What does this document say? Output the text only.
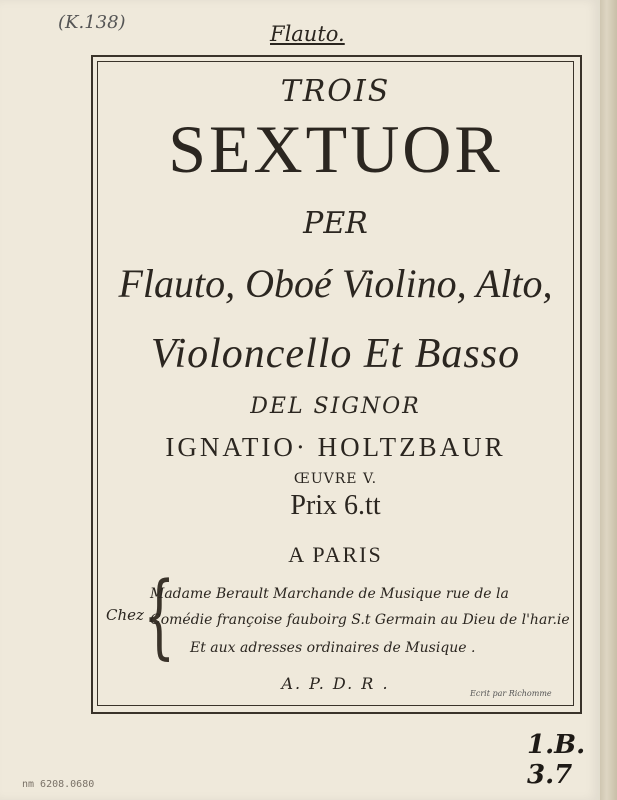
(K.138)	Flauto.
TROIS
SEXTUOR
PER
Flauto, Oboé Violino, Alto,
Violoncello Et Basso
DEL SIGNOR
IGNATIO· HOLTZBAUR
ŒUVRE V.
Prix 6.tt
A PARIS
Chez {
Madame Berault Marchande de Musique rue de la
Comédie françoise fauboirg S.t Germain au Dieu de l'har.ie
Et aux adresses ordinaires de Musique .
A. P. D. R .
Ecrit par Richomme
1.B. 3.7
nm 6208.0680
